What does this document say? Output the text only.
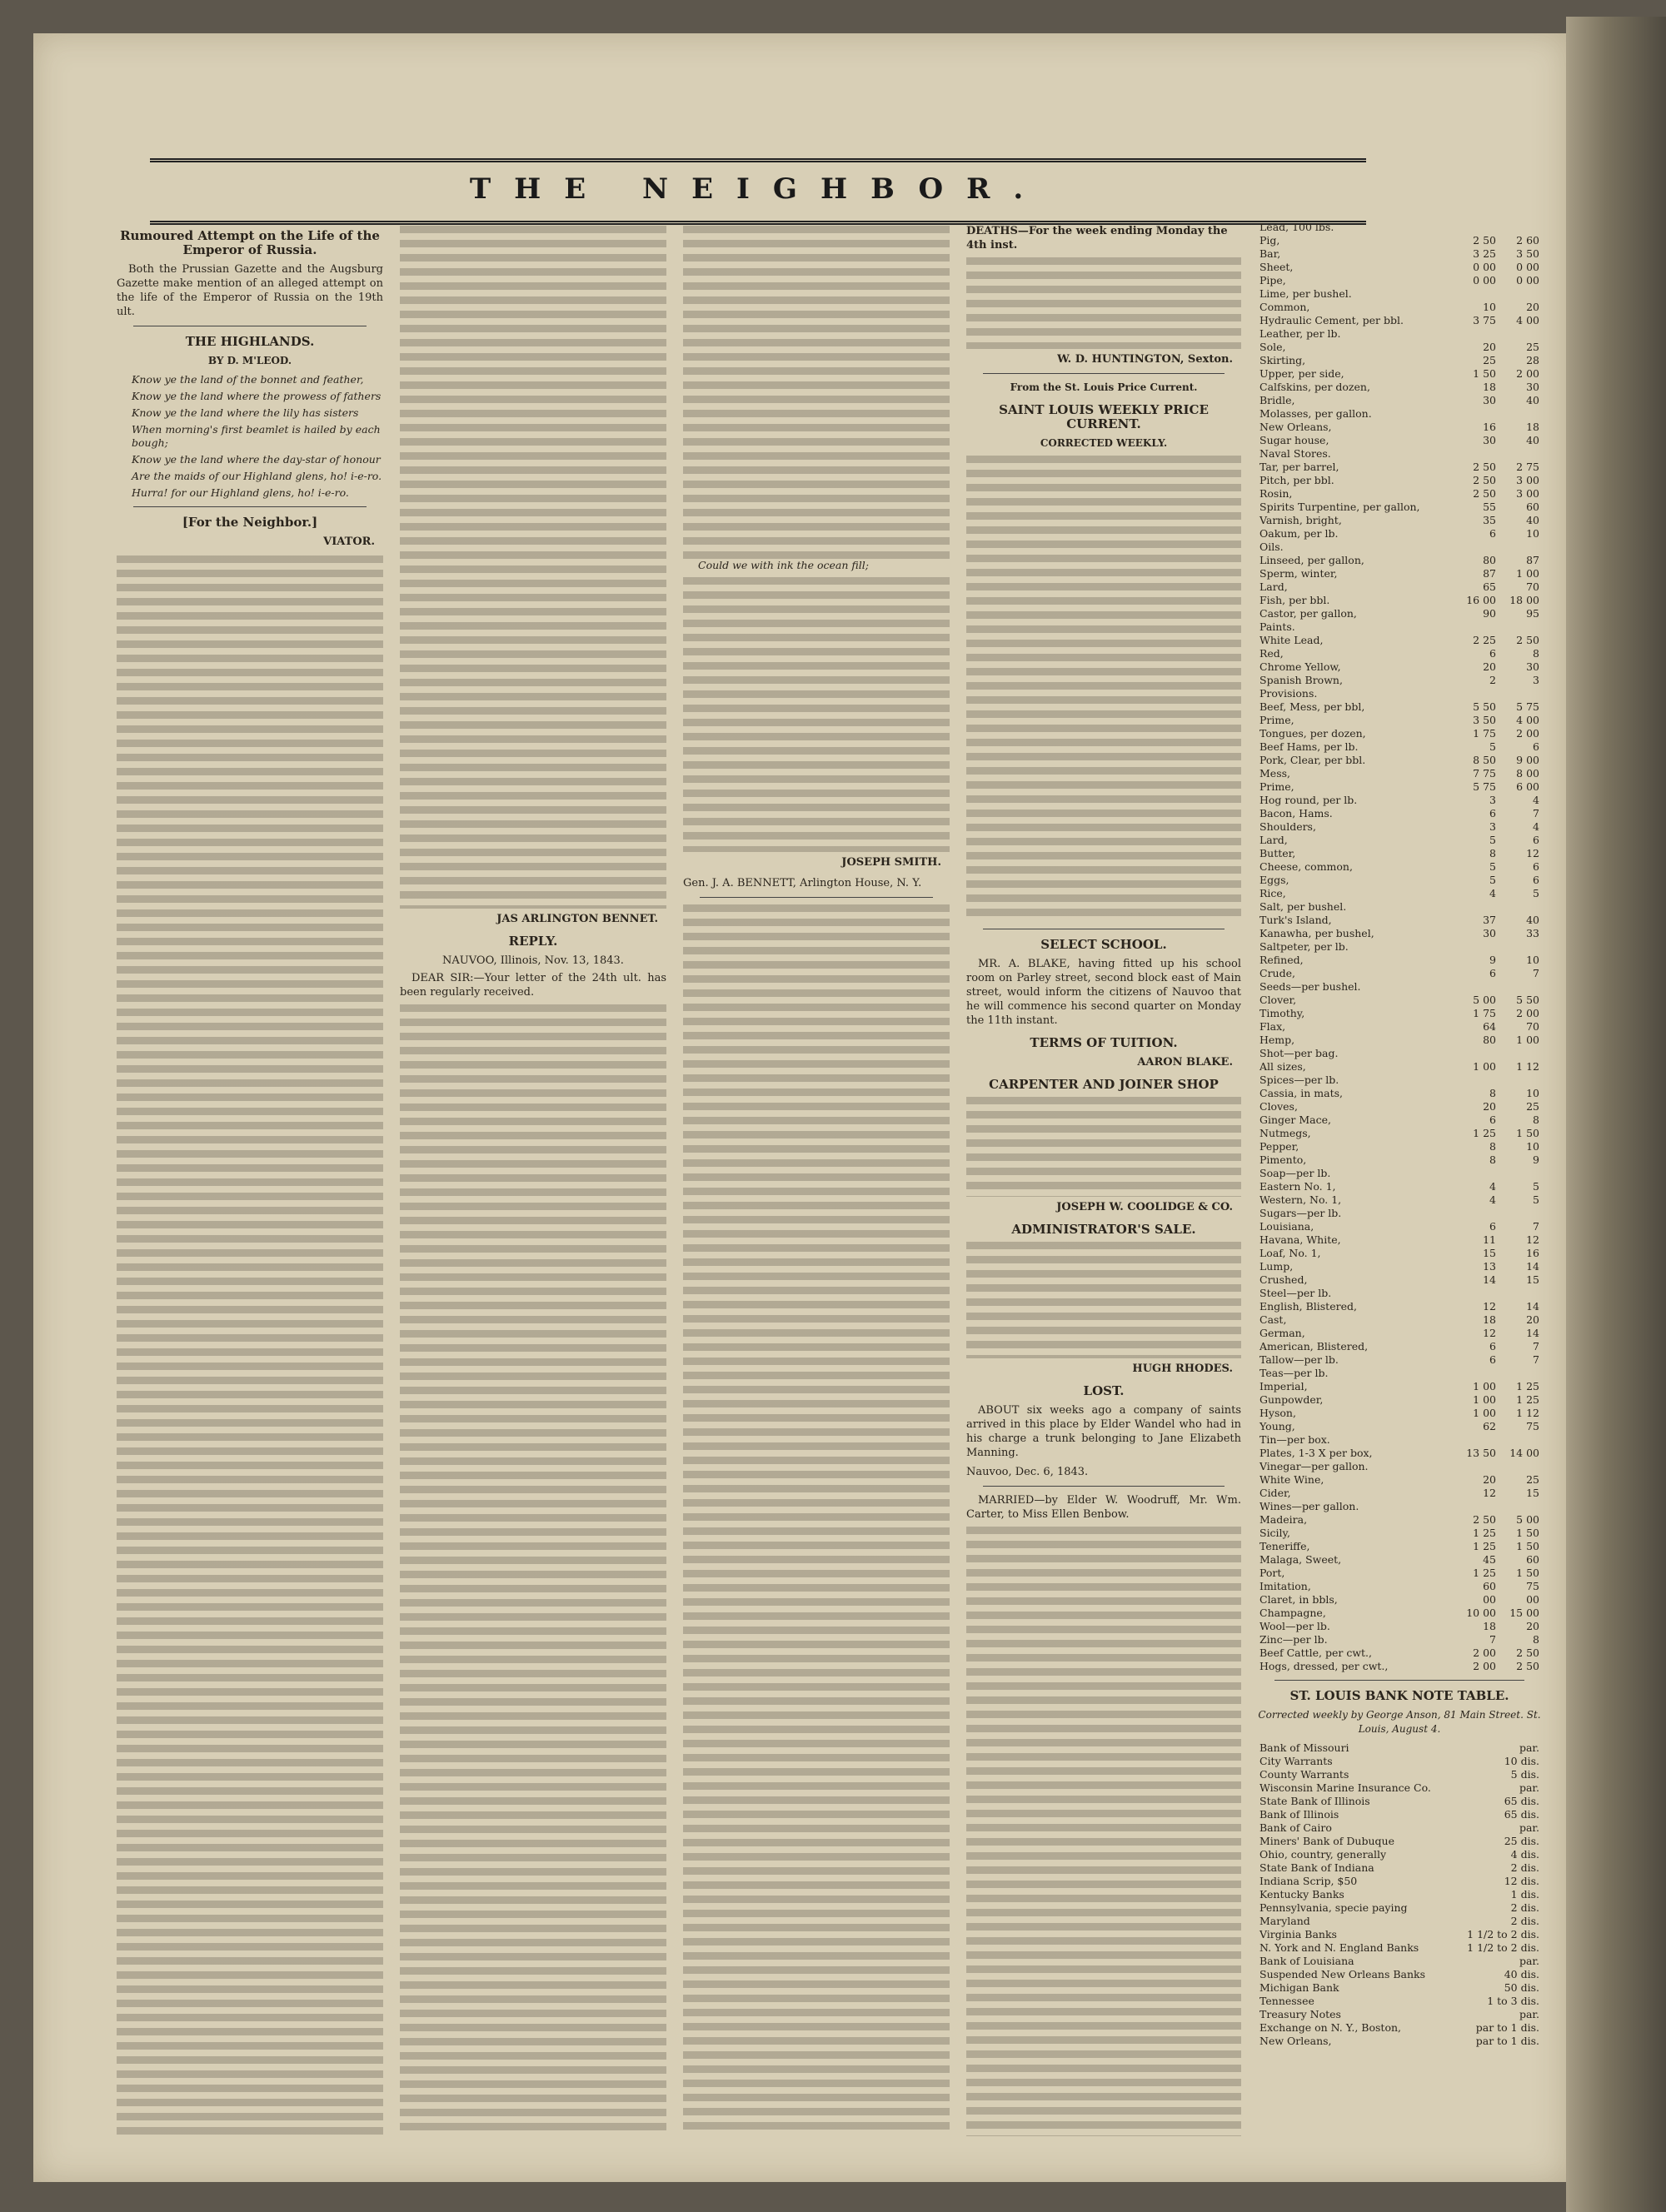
THE NEIGHBOR.
Rumoured Attempt on the Life of the Emperor of Russia.
Both the Prussian Gazette and the Augsburg Gazette make mention of an alleged attempt on the life of the Emperor of Russia on the 19th ult.
THE HIGHLANDS.
BY D. M'LEOD.
Know ye the land of the bonnet and feather,
Know ye the land where the prowess of fathers
Know ye the land where the lily has sisters
When morning's first beamlet is hailed by each bough;
Know ye the land where the day-star of honour
Are the maids of our Highland glens, ho! i-e-ro.
Hurra! for our Highland glens, ho! i-e-ro.
[For the Neighbor.]
VIATOR.
JAS ARLINGTON BENNET.
REPLY.
NAUVOO, Illinois, Nov. 13, 1843.
DEAR SIR:—Your letter of the 24th ult. has been regularly received.
Could we with ink the ocean fill;
JOSEPH SMITH.
Gen. J. A. BENNETT, Arlington House, N. Y.
DEATHS—For the week ending Monday the 4th inst.
W. D. HUNTINGTON, Sexton.
From the St. Louis Price Current.
SAINT LOUIS WEEKLY PRICE CURRENT.
CORRECTED WEEKLY.
SELECT SCHOOL.
MR. A. BLAKE, having fitted up his school room on Parley street, second block east of Main street, would inform the citizens of Nauvoo that he will commence his second quarter on Monday the 11th instant.
TERMS OF TUITION.
AARON BLAKE.
CARPENTER AND JOINER SHOP
JOSEPH W. COOLIDGE & CO.
ADMINISTRATOR'S SALE.
HUGH RHODES.
LOST.
ABOUT six weeks ago a company of saints arrived in this place by Elder Wandel who had in his charge a trunk belonging to Jane Elizabeth Manning.
Nauvoo, Dec. 6, 1843.
MARRIED—by Elder W. Woodruff, Mr. Wm. Carter, to Miss Ellen Benbow.
Lead, 100 lbs.		
Pig,	2 50	2 60
Bar,	3 25	3 50
Sheet,	0 00	0 00
Pipe,	0 00	0 00
Lime, per bushel.		
Common,	10	20
Hydraulic Cement, per bbl.	3 75	4 00
Leather, per lb.		
Sole,	20	25
Skirting,	25	28
Upper, per side,	1 50	2 00
Calfskins, per dozen,	18	30
Bridle,	30	40
Molasses, per gallon.		
New Orleans,	16	18
Sugar house,	30	40
Naval Stores.		
Tar, per barrel,	2 50	2 75
Pitch, per bbl.	2 50	3 00
Rosin,	2 50	3 00
Spirits Turpentine, per gallon,	55	60
Varnish, bright,	35	40
Oakum, per lb.	6	10
Oils.		
Linseed, per gallon,	80	87
Sperm, winter,	87	1 00
Lard,	65	70
Fish, per bbl.	16 00	18 00
Castor, per gallon,	90	95
Paints.		
White Lead,	2 25	2 50
Red,	6	8
Chrome Yellow,	20	30
Spanish Brown,	2	3
Provisions.		
Beef, Mess, per bbl,	5 50	5 75
Prime,	3 50	4 00
Tongues, per dozen,	1 75	2 00
Beef Hams, per lb.	5	6
Pork, Clear, per bbl.	8 50	9 00
Mess,	7 75	8 00
Prime,	5 75	6 00
Hog round, per lb.	3	4
Bacon, Hams.	6	7
Shoulders,	3	4
Lard,	5	6
Butter,	8	12
Cheese, common,	5	6
Eggs,	5	6
Rice,	4	5
Salt, per bushel.		
Turk's Island,	37	40
Kanawha, per bushel,	30	33
Saltpeter, per lb.		
Refined,	9	10
Crude,	6	7
Seeds—per bushel.		
Clover,	5 00	5 50
Timothy,	1 75	2 00
Flax,	64	70
Hemp,	80	1 00
Shot—per bag.		
All sizes,	1 00	1 12
Spices—per lb.		
Cassia, in mats,	8	10
Cloves,	20	25
Ginger Mace,	6	8
Nutmegs,	1 25	1 50
Pepper,	8	10
Pimento,	8	9
Soap—per lb.		
Eastern No. 1,	4	5
Western, No. 1,	4	5
Sugars—per lb.		
Louisiana,	6	7
Havana, White,	11	12
Loaf, No. 1,	15	16
Lump,	13	14
Crushed,	14	15
Steel—per lb.		
English, Blistered,	12	14
Cast,	18	20
German,	12	14
American, Blistered,	6	7
Tallow—per lb.	6	7
Teas—per lb.		
Imperial,	1 00	1 25
Gunpowder,	1 00	1 25
Hyson,	1 00	1 12
Young,	62	75
Tin—per box.		
Plates, 1-3 X per box,	13 50	14 00
Vinegar—per gallon.		
White Wine,	20	25
Cider,	12	15
Wines—per gallon.		
Madeira,	2 50	5 00
Sicily,	1 25	1 50
Teneriffe,	1 25	1 50
Malaga, Sweet,	45	60
Port,	1 25	1 50
Imitation,	60	75
Claret, in bbls,	00	00
Champagne,	10 00	15 00
Wool—per lb.	18	20
Zinc—per lb.	7	8
Beef Cattle, per cwt.,	2 00	2 50
Hogs, dressed, per cwt.,	2 00	2 50
ST. LOUIS BANK NOTE TABLE.
Corrected weekly by George Anson, 81 Main Street. St. Louis, August 4.
Bank of Missouri	par.
City Warrants	10 dis.
County Warrants	5 dis.
Wisconsin Marine Insurance Co.	par.
State Bank of Illinois	65 dis.
Bank of Illinois	65 dis.
Bank of Cairo	par.
Miners' Bank of Dubuque	25 dis.
Ohio, country, generally	4 dis.
State Bank of Indiana	2 dis.
Indiana Scrip, $50	12 dis.
Kentucky Banks	1 dis.
Pennsylvania, specie paying	2 dis.
Maryland	2 dis.
Virginia Banks	1 1/2 to 2 dis.
N. York and N. England Banks	1 1/2 to 2 dis.
Bank of Louisiana	par.
Suspended New Orleans Banks	40 dis.
Michigan Bank	50 dis.
Tennessee	1 to 3 dis.
Treasury Notes	par.
Exchange on N. Y., Boston,	par to 1 dis.
New Orleans,	par to 1 dis.
